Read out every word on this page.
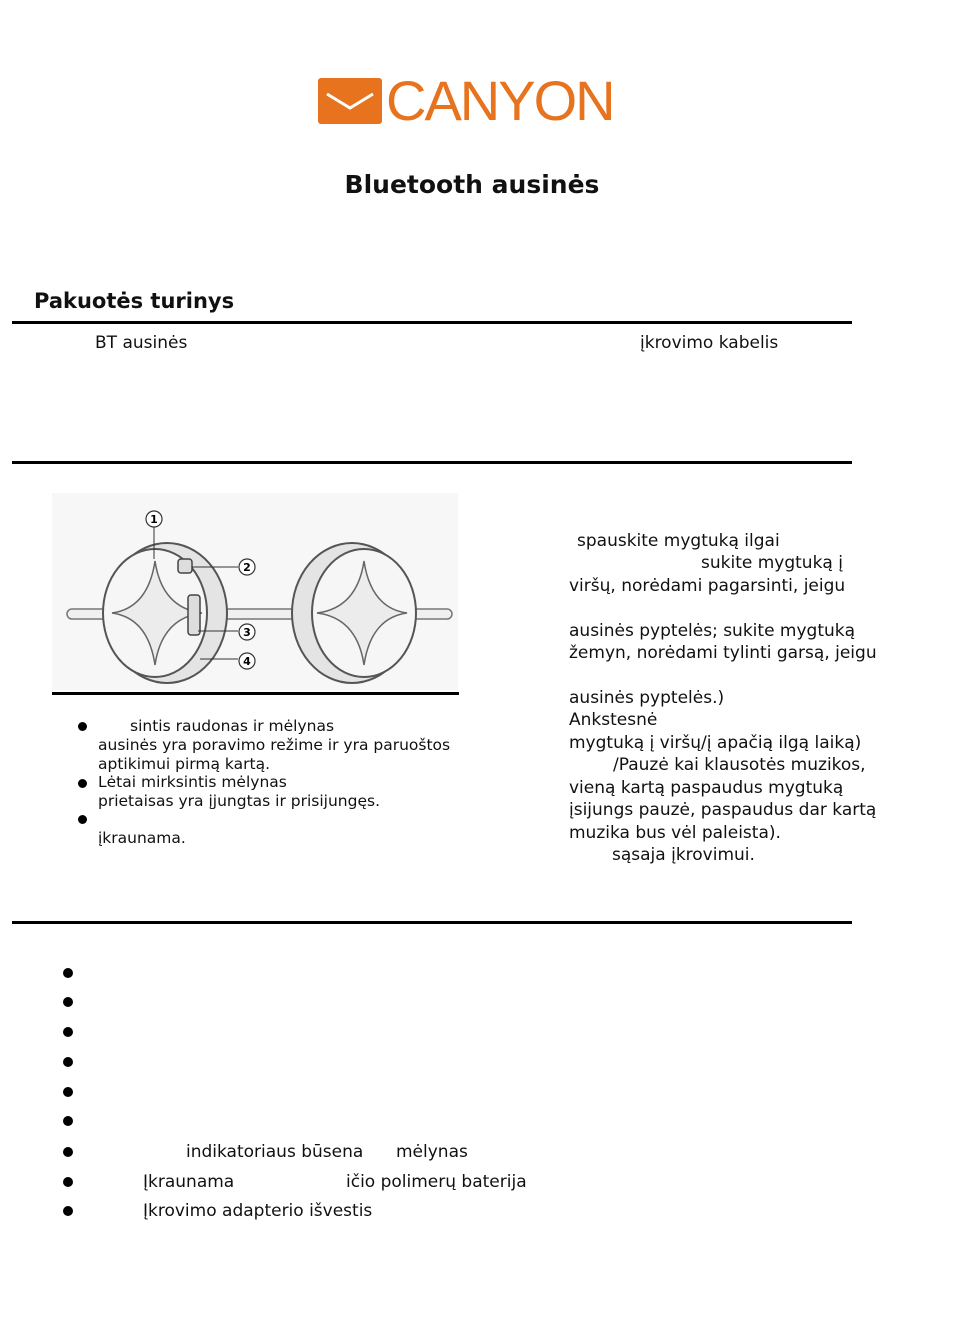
CANYON
Bluetooth ausinės
Pakuotės turinys
BT ausinės	įkrovimo kabelis
1
2
3
4
sintis raudonas ir mėlynas
ausinės yra poravimo režime ir yra paruoštos
aptikimui pirmą kartą.
Lėtai mirksintis mėlynas
prietaisas yra įjungtas ir prisijungęs.
įkraunama.
spauskite mygtuką ilgai
sukite mygtuką į
viršų, norėdami pagarsinti, jeigu
ausinės pyptelės; sukite mygtuką
žemyn, norėdami tylinti garsą, jeigu
ausinės pyptelės.)
Ankstesnė
mygtuką į viršų/į apačią ilgą laiką)
/Pauzė kai klausotės muzikos,
vieną kartą paspaudus mygtuką
įsijungs pauzė, paspaudus dar kartą
muzika bus vėl paleista).
sąsaja įkrovimui.
indikatoriaus būsena mėlynas
Įkraunama	ičio polimerų baterija
Įkrovimo adapterio išvestis
